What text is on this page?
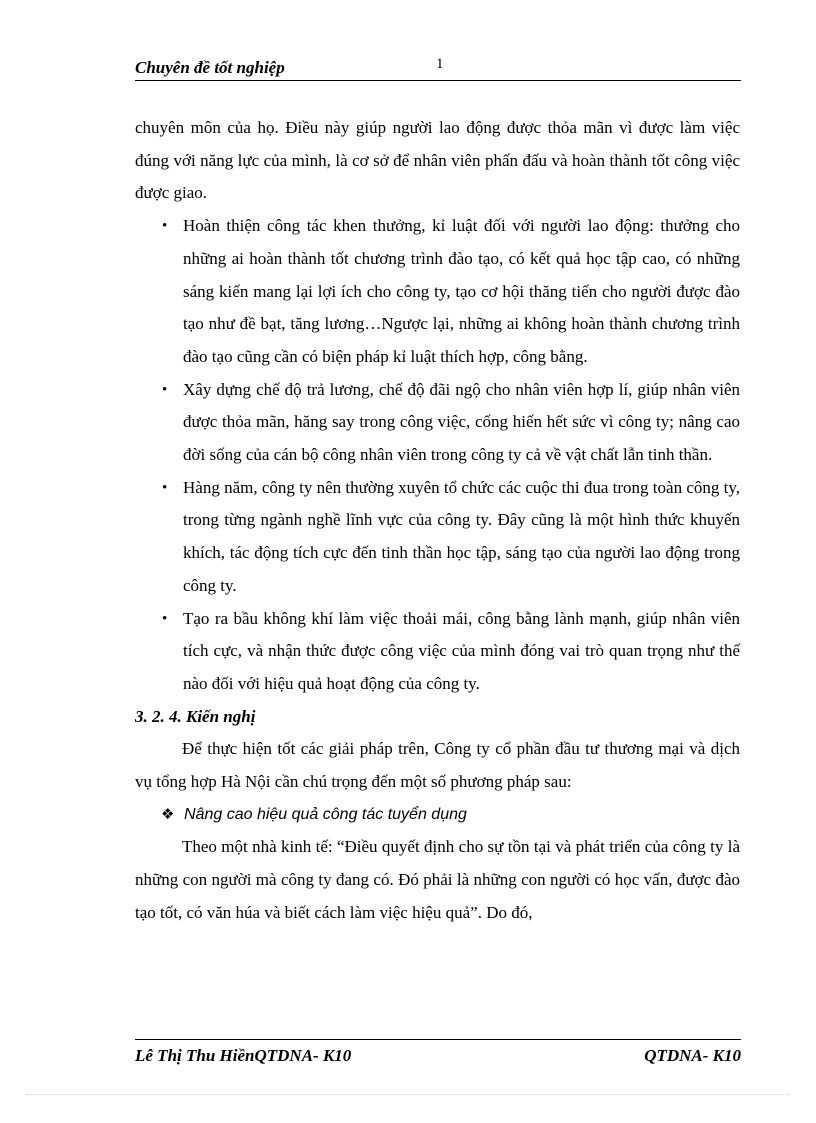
Chuyên đề tốt nghiệp	1

chuyên môn của họ. Điều này giúp người lao động được thỏa mãn vì được làm việc đúng với năng lực của mình, là cơ sở để nhân viên phấn đấu và hoàn thành tốt công việc được giao.

• Hoàn thiện công tác khen thưởng, kỉ luật đối với người lao động: thưởng cho những ai hoàn thành tốt chương trình đào tạo, có kết quả học tập cao, có những sáng kiến mang lại lợi ích cho công ty, tạo cơ hội thăng tiến cho người được đào tạo như đề bạt, tăng lương…Ngược lại, những ai không hoàn thành chương trình đào tạo cũng cần có biện pháp kỉ luật thích hợp, công bằng.
• Xây dựng chế độ trả lương, chế độ đãi ngộ cho nhân viên hợp lí, giúp nhân viên được thỏa mãn, hăng say trong công việc, cống hiến hết sức vì công ty; nâng cao đời sống của cán bộ công nhân viên trong công ty cả về vật chất lẫn tinh thần.
• Hàng năm, công ty nên thường xuyên tổ chức các cuộc thi đua trong toàn công ty, trong từng ngành nghề lĩnh vực của công ty. Đây cũng là một hình thức khuyến khích, tác động tích cực đến tinh thần học tập, sáng tạo của người lao động trong công ty.
• Tạo ra bầu không khí làm việc thoải mái, công bằng lành mạnh, giúp nhân viên tích cực, và nhận thức được công việc của mình đóng vai trò quan trọng như thế nào đối với hiệu quả hoạt động của công ty.

3. 2. 4. Kiến nghị

Để thực hiện tốt các giải pháp trên, Công ty cổ phần đầu tư thương mại và dịch vụ tổng hợp Hà Nội cần chú trọng đến một số phương pháp sau:

❖ Nâng cao hiệu quả công tác tuyển dụng

Theo một nhà kinh tế: “Điều quyết định cho sự tồn tại và phát triển của công ty là những con người mà công ty đang có. Đó phải là những con người có học vấn, được đào tạo tốt, có văn húa và biết cách làm việc hiệu quả”. Do đó,

Lê Thị Thu HiềnQTDNA- K10	QTDNA- K10
